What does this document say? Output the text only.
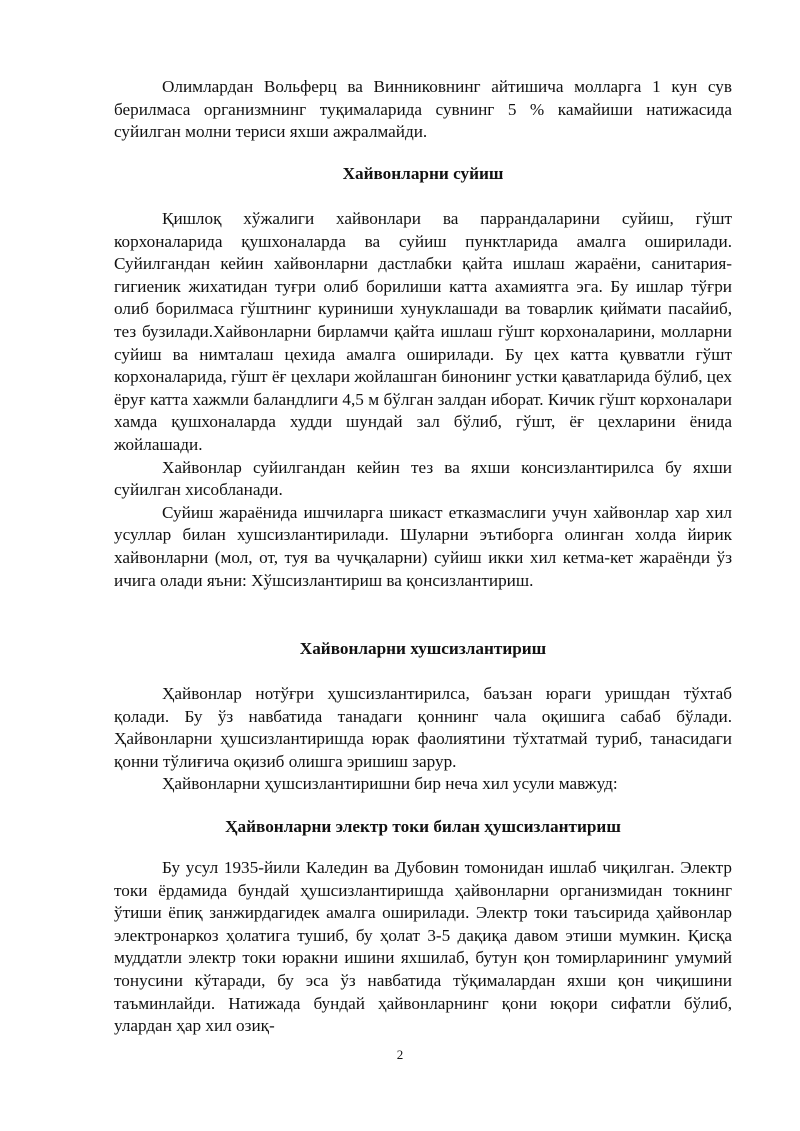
Олимлардан Вольферц ва Винниковнинг айтишича молларга 1 кун сув берилмаса организмнинг туқималарида сувнинг 5 % камайиши натижасида суйилган молни териси яхши ажралмайди.

Хайвонларни суйиш

Қишлоқ хўжалиги хайвонлари ва паррандаларини суйиш, гўшт корхоналарида қушхоналарда ва суйиш пунктларида амалга оширилади. Суйилгандан кейин хайвонларни дастлабки қайта ишлаш жараёни, санитария-гигиеник жихатидан туғри олиб борилиши катта ахамиятга эга. Бу ишлар тўғри олиб борилмаса гўштнинг куриниши хунуклашади ва товарлик қиймати пасайиб, тез бузилади.Хайвонларни бирламчи қайта ишлаш гўшт корхоналарини, молларни суйиш ва нимталаш цехида амалга оширилади. Бу цех катта қувватли гўшт корхоналарида, гўшт ёғ цехлари жойлашган бинонинг устки қаватларида бўлиб, цех ёруғ катта хажмли баландлиги 4,5 м бўлган залдан иборат. Кичик гўшт корхоналари хамда қушхоналарда худди шундай зал бўлиб, гўшт, ёғ цехларини ёнида жойлашади.

Хайвонлар суйилгандан кейин тез ва яхши консизлантирилса бу яхши суйилган хисобланади.

Суйиш жараёнида ишчиларга шикаст етказмаслиги учун хайвонлар хар хил усуллар билан хушсизлантирилади. Шуларни эътиборга олинган холда йирик хайвонларни (мол, от, туя ва чучқаларни) суйиш икки хил кетма-кет жараёнди ўз ичига олади яъни: Хўшсизлантириш ва қонсизлантириш.

Хайвонларни хушсизлантириш

Ҳайвонлар нотўғри ҳушсизлантирилса, баъзан юраги уришдан тўхтаб қолади. Бу ўз навбатида танадаги қоннинг чала оқишига сабаб бўлади. Ҳайвонларни ҳушсизлантиришда юрак фаолиятини тўхтатмай туриб, танасидаги қонни тўлиғича оқизиб олишга эришиш зарур.

Ҳайвонларни ҳушсизлантиришни бир неча хил усули мавжуд:

Ҳайвонларни электр токи билан ҳушсизлантириш

Бу усул 1935-йили Каледин ва Дубовин томонидан ишлаб чиқилган. Электр токи ёрдамида бундай ҳушсизлантиришда ҳайвонларни организмидан токнинг ўтиши ёпиқ занжирдагидек амалга оширилади. Электр токи таъсирида ҳайвонлар электронаркоз ҳолатига тушиб, бу ҳолат 3-5 дақиқа давом этиши мумкин. Қисқа муддатли электр токи юракни ишини яхшилаб, бутун қон томирларининг умумий тонусини кўтаради, бу эса ўз навбатида тўқималардан яхши қон чиқишини таъминлайди. Натижада бундай ҳайвонларнинг қони юқори сифатли бўлиб, улардан ҳар хил озиқ-

2
